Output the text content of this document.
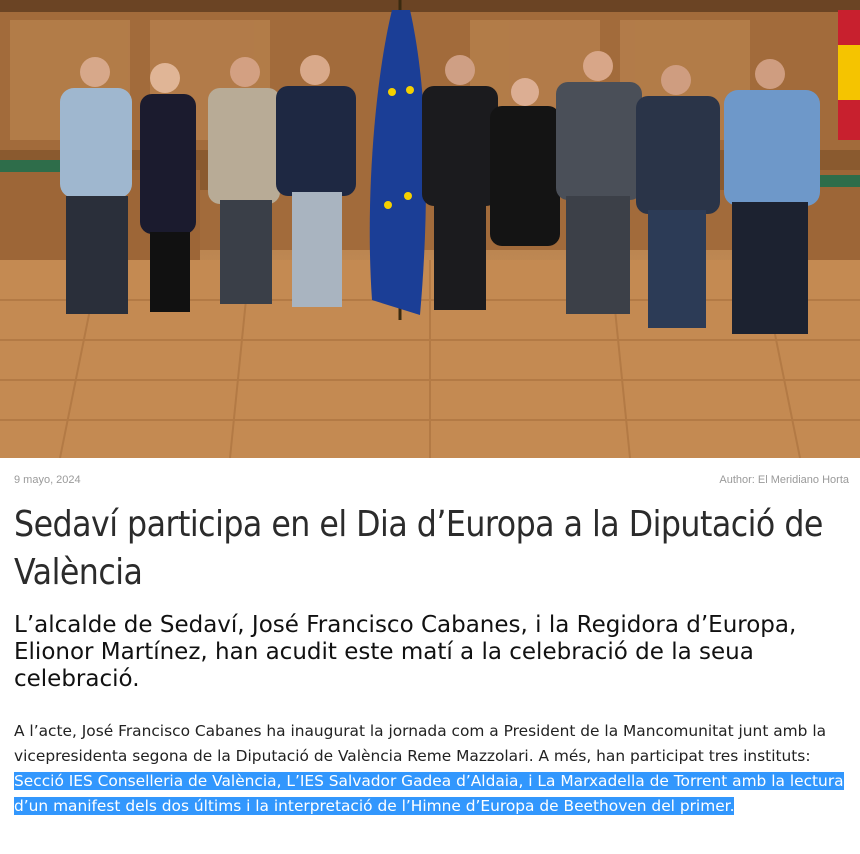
9 mayo, 2024	Author: El Meridiano Horta
Sedaví participa en el Dia d’Europa a la Diputació de València

L’alcalde de Sedaví, José Francisco Cabanes, i la Regidora d’Europa, Elionor Martínez, han acudit este matí a la celebració de la seua celebració.

A l’acte, José Francisco Cabanes ha inaugurat la jornada com a President de la Mancomunitat junt amb la vicepresidenta segona de la Diputació de València Reme Mazzolari. A més, han participat tres instituts: Secció IES Conselleria de València, L’IES Salvador Gadea d’Aldaia, i La Marxadella de Torrent amb la lectura d’un manifest dels dos últims i la interpretació de l’Himne d’Europa de Beethoven del primer.
